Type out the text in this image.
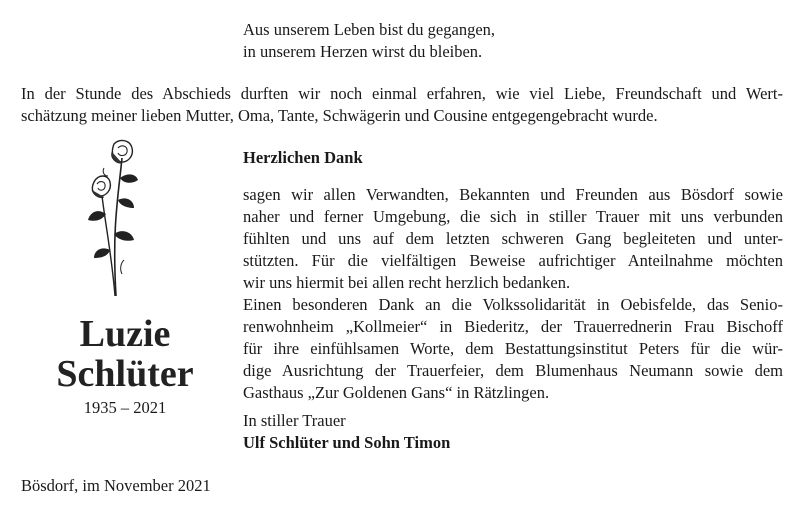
Aus unserem Leben bist du gegangen,
in unserem Herzen wirst du bleiben.
In der Stunde des Abschieds durften wir noch einmal erfahren, wie viel Liebe, Freundschaft und Wert-
schätzung meiner lieben Mutter, Oma, Tante, Schwägerin und Cousine entgegengebracht wurde.
Luzie
Schlüter
1935 – 2021
Herzlichen Dank
sagen wir allen Verwandten, Bekannten und Freunden aus Bösdorf sowie
naher und ferner Umgebung, die sich in stiller Trauer mit uns verbunden
fühlten und uns auf dem letzten schweren Gang begleiteten und unter-
stützten. Für die vielfältigen Beweise aufrichtiger Anteilnahme möchten
wir uns hiermit bei allen recht herzlich bedanken.
Einen besonderen Dank an die Volkssolidarität in Oebisfelde, das Senio-
renwohnheim „Kollmeier“ in Biederitz, der Trauerrednerin Frau Bischoff
für ihre einfühlsamen Worte, dem Bestattungsinstitut Peters für die wür-
dige Ausrichtung der Trauerfeier, dem Blumenhaus Neumann sowie dem
Gasthaus „Zur Goldenen Gans“ in Rätzlingen.
In stiller Trauer
Ulf Schlüter und Sohn Timon
Bösdorf, im November 2021
